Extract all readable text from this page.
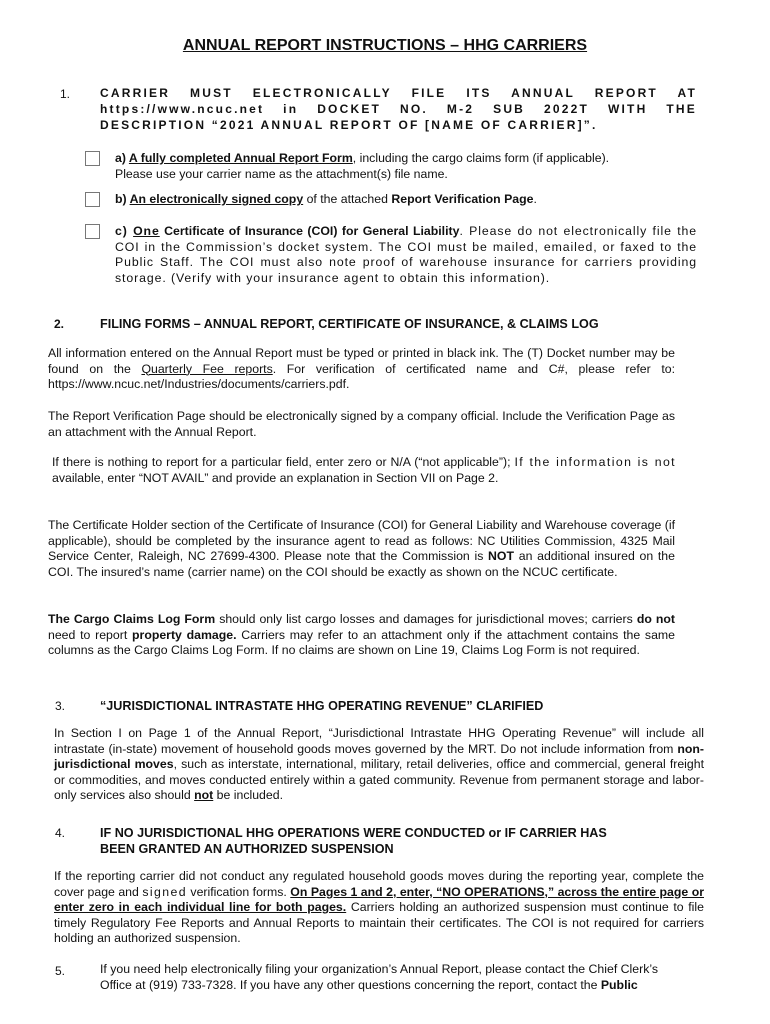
ANNUAL REPORT INSTRUCTIONS – HHG CARRIERS
1. CARRIER MUST ELECTRONICALLY FILE ITS ANNUAL REPORT AT https://www.ncuc.net in DOCKET NO. M-2 SUB 2022T WITH THE DESCRIPTION “2021 ANNUAL REPORT OF [NAME OF CARRIER]”.
a) A fully completed Annual Report Form, including the cargo claims form (if applicable).
Please use your carrier name as the attachment(s) file name.
b) An electronically signed copy of the attached Report Verification Page.
c) One Certificate of Insurance (COI) for General Liability. Please do not electronically file the COI in the Commission’s docket system. The COI must be mailed, emailed, or faxed to the Public Staff. The COI must also note proof of warehouse insurance for carriers providing storage. (Verify with your insurance agent to obtain this information).
2.	FILING FORMS – ANNUAL REPORT, CERTIFICATE OF INSURANCE, & CLAIMS LOG
All information entered on the Annual Report must be typed or printed in black ink. The (T) Docket number may be found on the Quarterly Fee reports. For verification of certificated name and C#, please refer to: https://www.ncuc.net/Industries/documents/carriers.pdf.
The Report Verification Page should be electronically signed by a company official. Include the Verification Page as an attachment with the Annual Report.
If there is nothing to report for a particular field, enter zero or N/A (“not applicable”); If the information is not available, enter “NOT AVAIL” and provide an explanation in Section VII on Page 2.
The Certificate Holder section of the Certificate of Insurance (COI) for General Liability and Warehouse coverage (if applicable), should be completed by the insurance agent to read as follows: NC Utilities Commission, 4325 Mail Service Center, Raleigh, NC 27699-4300. Please note that the Commission is NOT an additional insured on the COI. The insured’s name (carrier name) on the COI should be exactly as shown on the NCUC certificate.
The Cargo Claims Log Form should only list cargo losses and damages for jurisdictional moves; carriers do not need to report property damage. Carriers may refer to an attachment only if the attachment contains the same columns as the Cargo Claims Log Form. If no claims are shown on Line 19, Claims Log Form is not required.
3.	“JURISDICTIONAL INTRASTATE HHG OPERATING REVENUE” CLARIFIED
In Section I on Page 1 of the Annual Report, “Jurisdictional Intrastate HHG Operating Revenue” will include all intrastate (in-state) movement of household goods moves governed by the MRT. Do not include information from non-jurisdictional moves, such as interstate, international, military, retail deliveries, office and commercial, general freight or commodities, and moves conducted entirely within a gated community. Revenue from permanent storage and labor-only services also should not be included.
4.	IF NO JURISDICTIONAL HHG OPERATIONS WERE CONDUCTED or IF CARRIER HAS
BEEN GRANTED AN AUTHORIZED SUSPENSION
If the reporting carrier did not conduct any regulated household goods moves during the reporting year, complete the cover page and signed verification forms. On Pages 1 and 2, enter, “NO OPERATIONS,” across the entire page or enter zero in each individual line for both pages. Carriers holding an authorized suspension must continue to file timely Regulatory Fee Reports and Annual Reports to maintain their certificates. The COI is not required for carriers holding an authorized suspension.
5.	If you need help electronically filing your organization’s Annual Report, please contact the Chief Clerk’s
Office at (919) 733-7328. If you have any other questions concerning the report, contact the Public
